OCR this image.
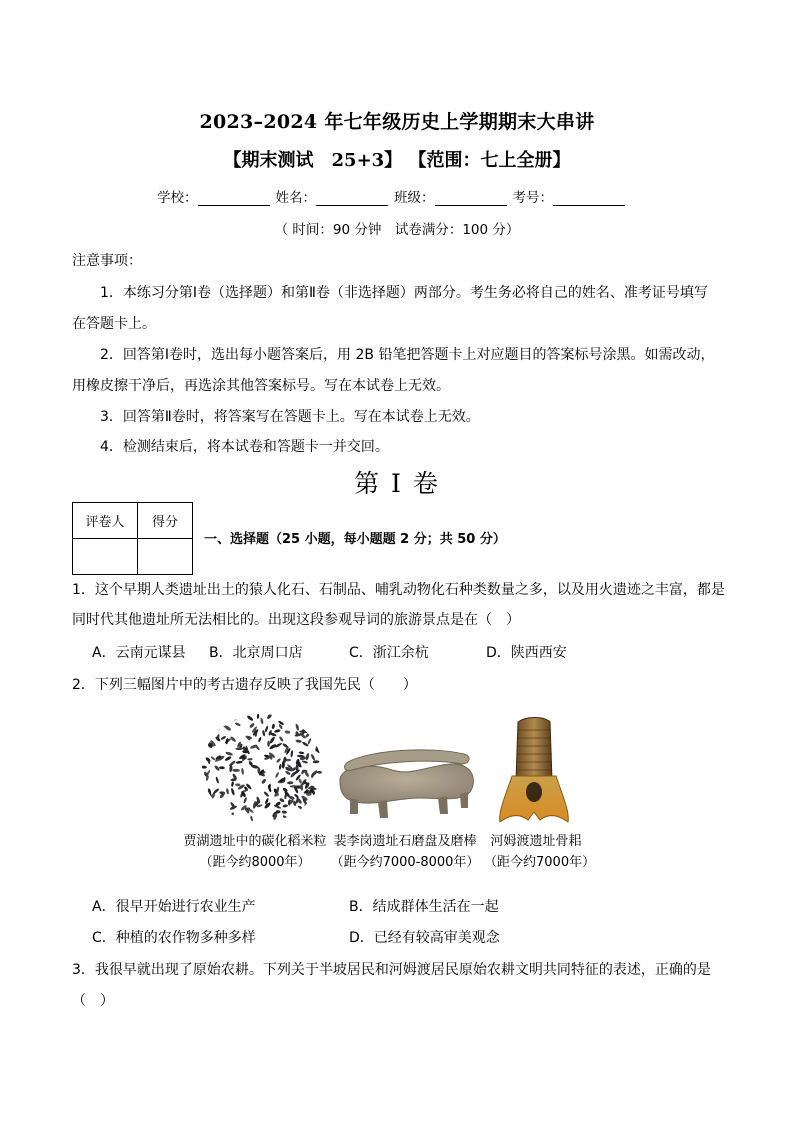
2023–2024 年七年级历史上学期期末大串讲
【期末测试　25+3】 【范围：七上全册】
学校：	姓名：	班级：	考号：
（ 时间：90 分钟　试卷满分：100 分）
注意事项：
1．本练习分第Ⅰ卷（选择题）和第Ⅱ卷（非选择题）两部分。考生务必将自己的姓名、准考证号填写
在答题卡上。
2．回答第Ⅰ卷时，选出每小题答案后，用 2B 铅笔把答题卡上对应题目的答案标号涂黑。如需改动，
用橡皮擦干净后，再选涂其他答案标号。写在本试卷上无效。
3．回答第Ⅱ卷时，将答案写在答题卡上。写在本试卷上无效。
4．检测结束后，将本试卷和答题卡一并交回。
第 I 卷
评卷人	得分

一、选择题（25 小题，每小题题 2 分；共 50 分）
1．这个早期人类遗址出土的猿人化石、石制品、哺乳动物化石种类数量之多，以及用火遗迹之丰富，都是
同时代其他遗址所无法相比的。出现这段参观导词的旅游景点是在（　）
A．云南元谋县 B．北京周口店	C．浙江余杭	D．陕西西安
2．下列三幅图片中的考古遗存反映了我国先民（　　）
贾湖遗址中的碳化稻米粒
（距今约8000年）
裴李岗遗址石磨盘及磨棒
（距今约7000-8000年）
河姆渡遗址骨耜
（距今约7000年）
A．很早开始进行农业生产	B．结成群体生活在一起
C．种植的农作物多种多样	D．已经有较高审美观念
3．我很早就出现了原始农耕。下列关于半坡居民和河姆渡居民原始农耕文明共同特征的表述，正确的是
（　）
